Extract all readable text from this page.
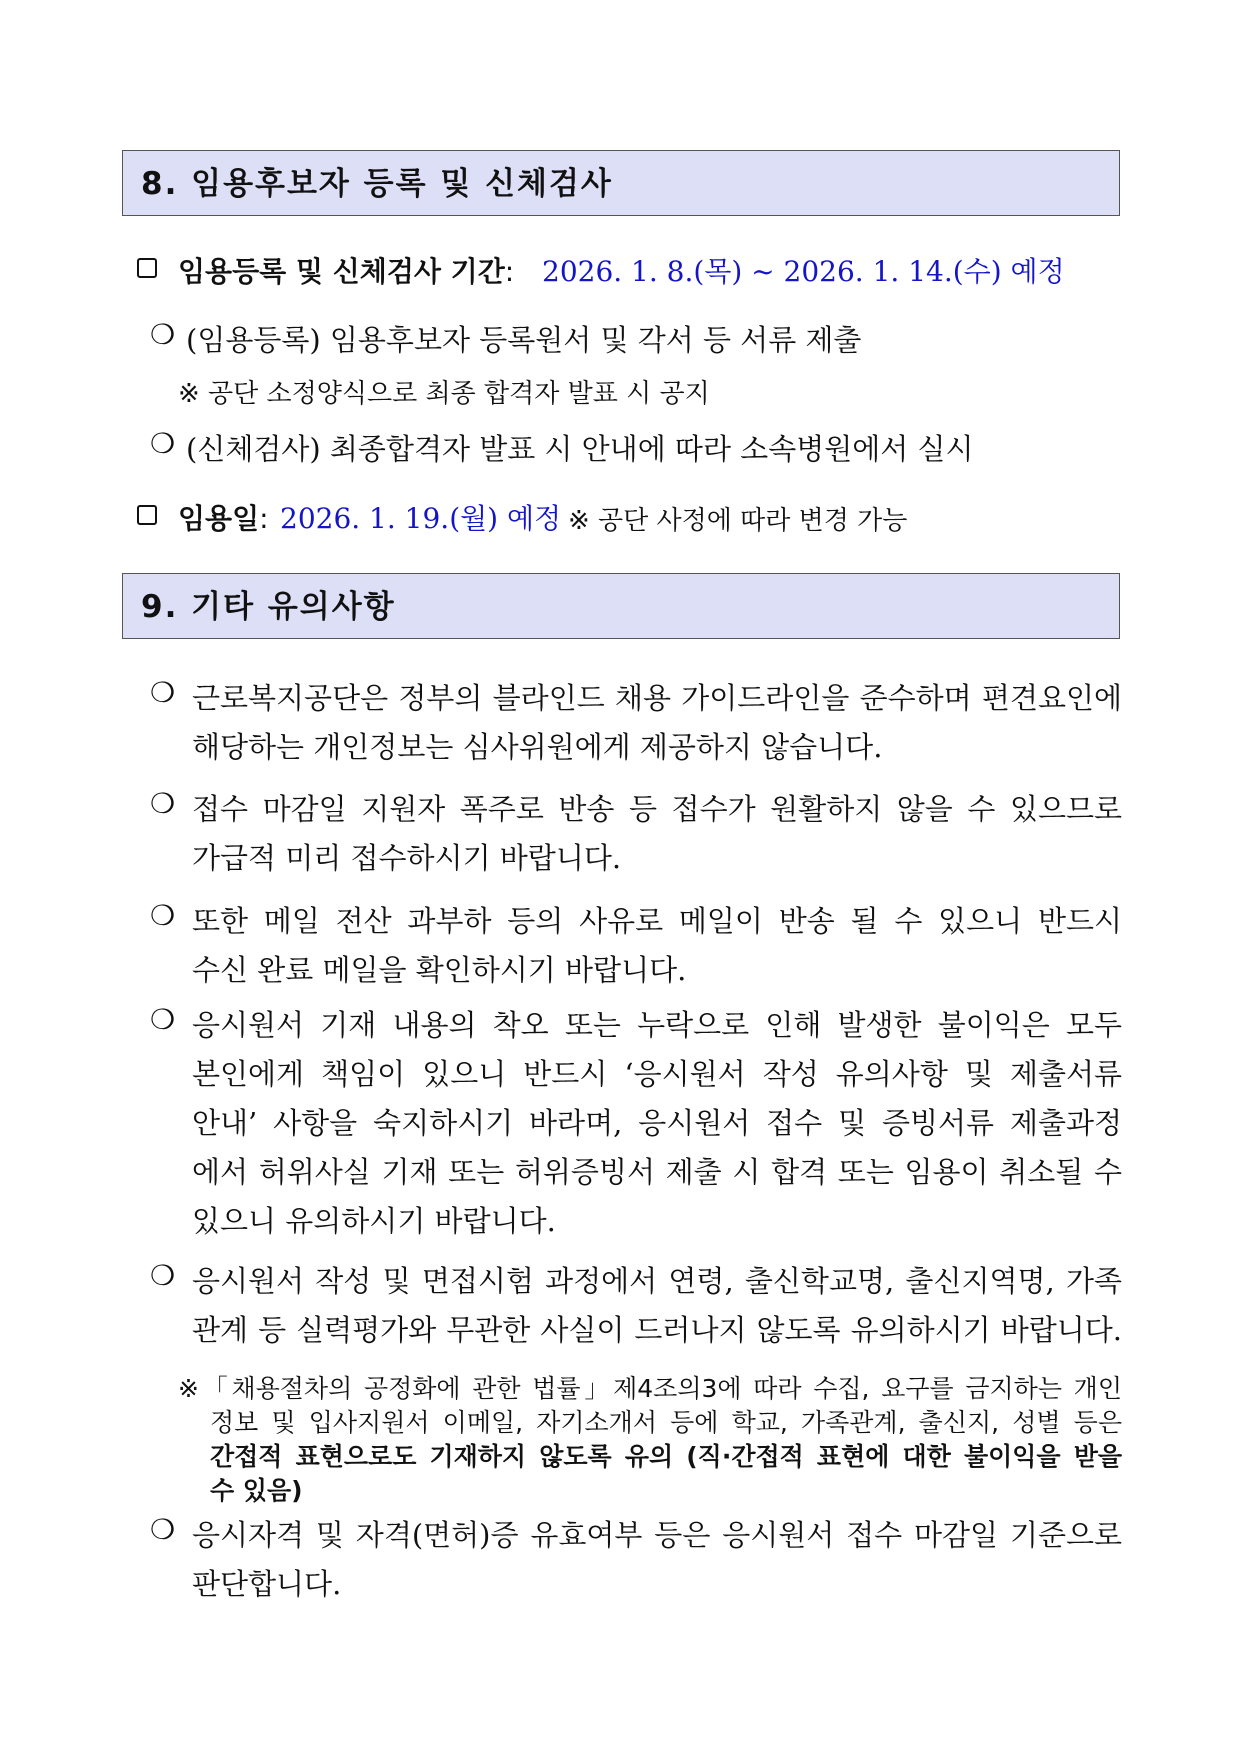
8. 임용후보자 등록 및 신체검사
임용등록 및 신체검사 기간: 2026. 1. 8.(목) ~ 2026. 1. 14.(수) 예정
❍ (임용등록) 임용후보자 등록원서 및 각서 등 서류 제출
※ 공단 소정양식으로 최종 합격자 발표 시 공지
❍ (신체검사) 최종합격자 발표 시 안내에 따라 소속병원에서 실시
임용일: 2026. 1. 19.(월) 예정 ※ 공단 사정에 따라 변경 가능
9. 기타 유의사항
❍ 근로복지공단은 정부의 블라인드 채용 가이드라인을 준수하며 편견요인에
해당하는 개인정보는 심사위원에게 제공하지 않습니다.
❍ 접수 마감일 지원자 폭주로 반송 등 접수가 원활하지 않을 수 있으므로
가급적 미리 접수하시기 바랍니다.
❍ 또한 메일 전산 과부하 등의 사유로 메일이 반송 될 수 있으니 반드시
수신 완료 메일을 확인하시기 바랍니다.
❍ 응시원서 기재 내용의 착오 또는 누락으로 인해 발생한 불이익은 모두
본인에게 책임이 있으니 반드시 ‘응시원서 작성 유의사항 및 제출서류
안내’ 사항을 숙지하시기 바라며, 응시원서 접수 및 증빙서류 제출과정
에서 허위사실 기재 또는 허위증빙서 제출 시 합격 또는 임용이 취소될 수
있으니 유의하시기 바랍니다.
❍ 응시원서 작성 및 면접시험 과정에서 연령, 출신학교명, 출신지역명, 가족
관계 등 실력평가와 무관한 사실이 드러나지 않도록 유의하시기 바랍니다.
※「채용절차의 공정화에 관한 법률」제4조의3에 따라 수집, 요구를 금지하는 개인
정보 및 입사지원서 이메일, 자기소개서 등에 학교, 가족관계, 출신지, 성별 등은
간접적 표현으로도 기재하지 않도록 유의 (직·간접적 표현에 대한 불이익을 받을
수 있음)
❍ 응시자격 및 자격(면허)증 유효여부 등은 응시원서 접수 마감일 기준으로
판단합니다.
